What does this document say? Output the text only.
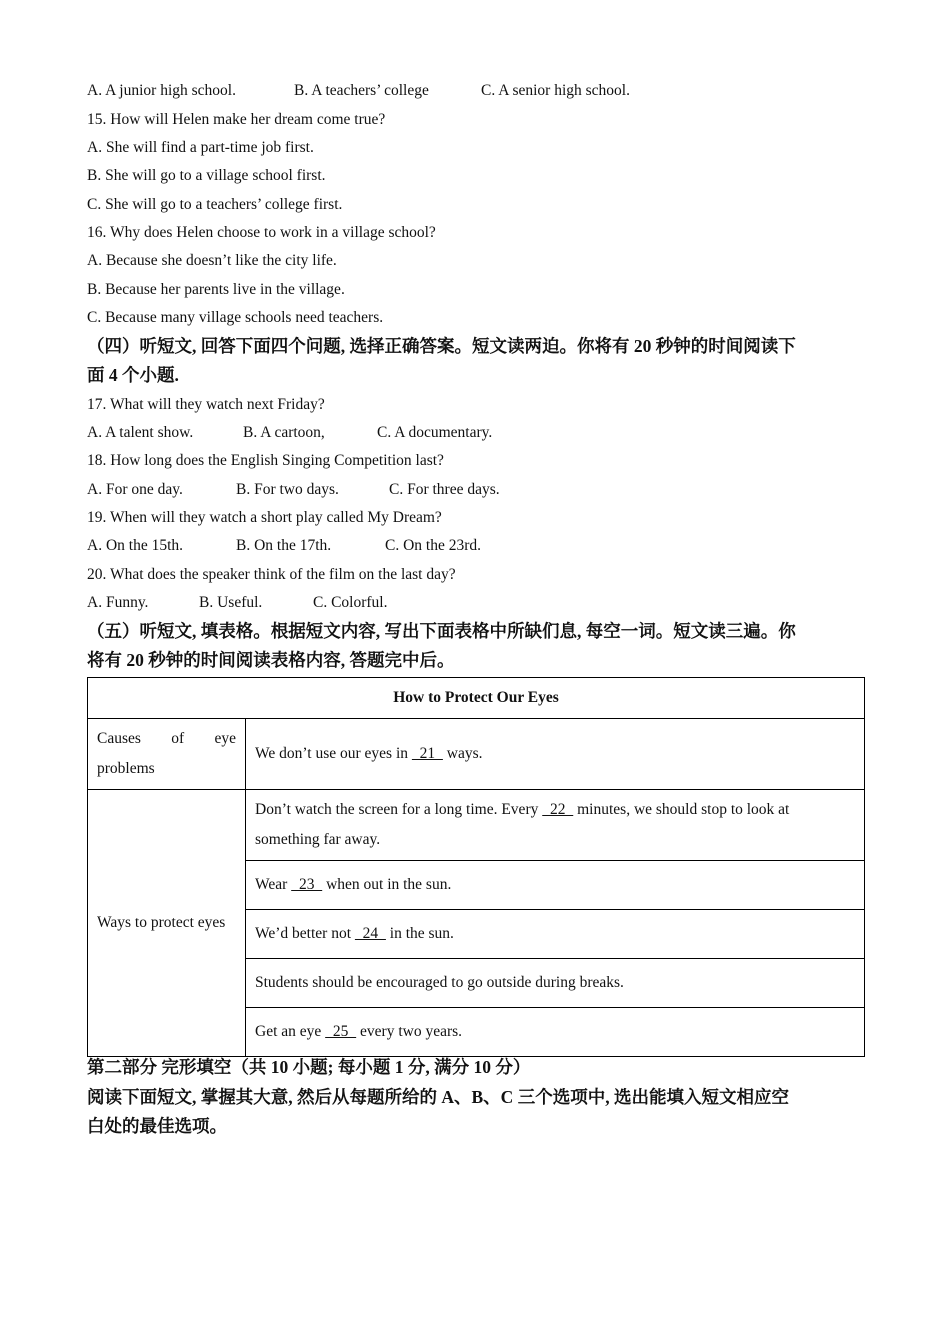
A. A junior high school.	B. A teachers’ college	C. A senior high school.
15. How will Helen make her dream come true?
A. She will find a part-time job first.
B. She will go to a village school first.
C. She will go to a teachers’ college first.
16. Why does Helen choose to work in a village school?
A. Because she doesn’t like the city life.
B. Because her parents live in the village.
C. Because many village schools need teachers.
（四）听短文, 回答下面四个问题, 选择正确答案。短文读两迫。你将有 20 秒钟的时间阅读下
面 4 个小题.
17. What will they watch next Friday?
A. A talent show.	B. A cartoon,	C. A documentary.
18. How long does the English Singing Competition last?
A. For one day.	B. For two days.	C. For three days.
19. When will they watch a short play called My Dream?
A. On the 15th.	B. On the 17th.	C. On the 23rd.
20. What does the speaker think of the film on the last day?
A. Funny.	B. Useful.	C. Colorful.
（五）听短文, 填表格。根据短文内容, 写出下面表格中所缺们息, 每空一词。短文读三遍。你
将有 20 秒钟的时间阅读表格内容, 答题完中后。
How to Protect Our Eyes	

Causes of eye
problems	We don’t use our eyes in   21   ways.
Ways to protect eyes	Don’t watch the screen for a long time. Every   22   minutes, we should stop to look at
something far away.

	Wear   23   when out in the sun.
	We’d better not   24   in the sun.
	Students should be encouraged to go outside during breaks.
	Get an eye   25   every two years.
第二部分 完形填空（共 10 小题; 每小题 1 分, 满分 10 分）
阅读下面短文, 掌握其大意, 然后从每题所给的 A、B、C 三个选项中, 选出能填入短文相应空
白处的最佳选项。
